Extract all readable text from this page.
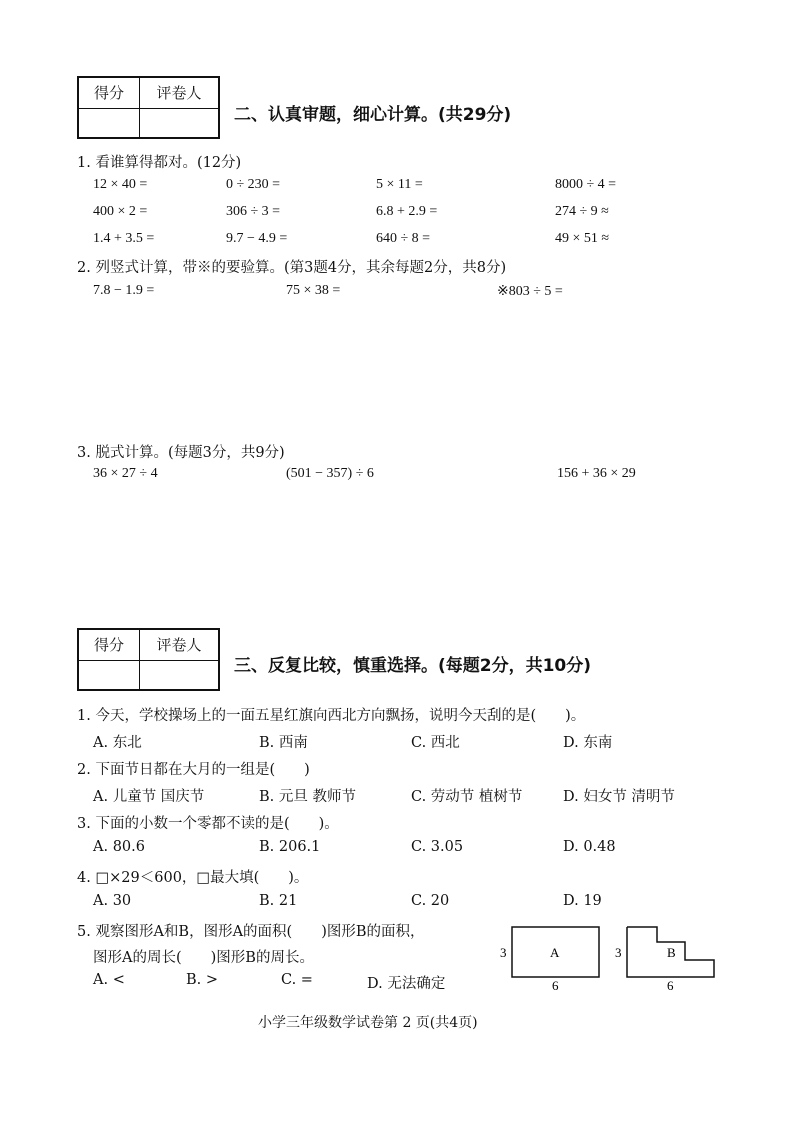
得分	评卷人

二、认真审题，细心计算。(共29分)
1. 看谁算得都对。(12分)
12 × 40 =	0 ÷ 230 =	5 × 11 =	8000 ÷ 4 =
400 × 2 =	306 ÷ 3 =	6.8 + 2.9 =	274 ÷ 9 ≈
1.4 + 3.5 =	9.7 − 4.9 =	640 ÷ 8 =	49 × 51 ≈
2. 列竖式计算，带※的要验算。(第3题4分，其余每题2分，共8分)
7.8 − 1.9 =	75 × 38 =	※803 ÷ 5 =
3. 脱式计算。(每题3分，共9分)
36 × 27 ÷ 4	(501 − 357) ÷ 6	156 + 36 × 29
得分	评卷人

三、反复比较，慎重选择。(每题2分，共10分)
1. 今天，学校操场上的一面五星红旗向西北方向飘扬，说明今天刮的是(　　)。
A. 东北	B. 西南	C. 西北	D. 东南
2. 下面节日都在大月的一组是(　　)
A. 儿童节 国庆节	B. 元旦 教师节	C. 劳动节 植树节	D. 妇女节 清明节
3. 下面的小数一个零都不读的是(　　)。
A. 80.6	B. 206.1	C. 3.05	D. 0.48
4. □×29＜600，□最大填(　　)。
A. 30	B. 21	C. 20	D. 19
5. 观察图形A和B，图形A的面积(　　)图形B的面积，
图形A的周长(　　)图形B的周长。
A. <	B. >	C. =	D. 无法确定
A
3
6
B
3
6
小学三年级数学试卷第 2 页(共4页)
